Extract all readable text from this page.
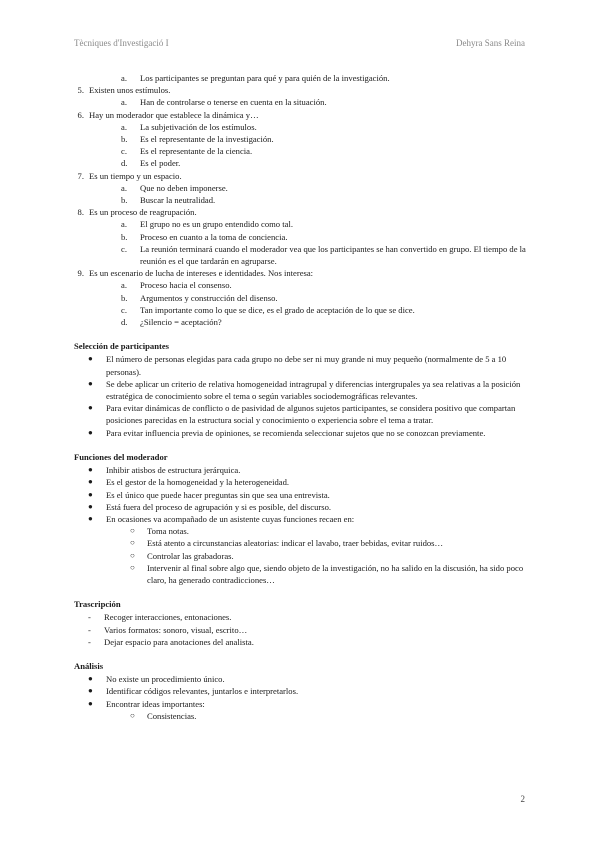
Tècniques d'Investigació I	Dehyra Sans Reina
a.	Los participantes se preguntan para qué y para quién de la investigación.
5. Existen unos estímulos.
a.	Han de controlarse o tenerse en cuenta en la situación.
6. Hay un moderador que establece la dinámica y…
a.	La subjetivación de los estímulos.
b.	Es el representante de la investigación.
c.	Es el representante de la ciencia.
d.	Es el poder.
7. Es un tiempo y un espacio.
a.	Que no deben imponerse.
b.	Buscar la neutralidad.
8. Es un proceso de reagrupación.
a.	El grupo no es un grupo entendido como tal.
b.	Proceso en cuanto a la toma de conciencia.
c.	La reunión terminará cuando el moderador vea que los participantes se han convertido en grupo. El tiempo de la reunión es el que tardarán en agruparse.
9. Es un escenario de lucha de intereses e identidades. Nos interesa:
a.	Proceso hacia el consenso.
b.	Argumentos y construcción del disenso.
c.	Tan importante como lo que se dice, es el grado de aceptación de lo que se dice.
d.	¿Silencio = aceptación?
Selección de participantes
●	El número de personas elegidas para cada grupo no debe ser ni muy grande ni muy pequeño (normalmente de 5 a 10 personas).
●	Se debe aplicar un criterio de relativa homogeneidad intragrupal y diferencias intergrupales ya sea relativas a la posición estratégica de conocimiento sobre el tema o según variables sociodemográficas relevantes.
●	Para evitar dinámicas de conflicto o de pasividad de algunos sujetos participantes, se considera positivo que compartan posiciones parecidas en la estructura social y conocimiento o experiencia sobre el tema a tratar.
●	Para evitar influencia previa de opiniones, se recomienda seleccionar sujetos que no se conozcan previamente.
Funciones del moderador
●	Inhibir atisbos de estructura jerárquica.
●	Es el gestor de la homogeneidad y la heterogeneidad.
●	Es el único que puede hacer preguntas sin que sea una entrevista.
●	Está fuera del proceso de agrupación y si es posible, del discurso.
●	En ocasiones va acompañado de un asistente cuyas funciones recaen en:
○	Toma notas.
○	Está atento a circunstancias aleatorias: indicar el lavabo, traer bebidas, evitar ruidos…
○	Controlar las grabadoras.
○	Intervenir al final sobre algo que, siendo objeto de la investigación, no ha salido en la discusión, ha sido poco claro, ha generado contradicciones…
Trascripción
-	Recoger interacciones, entonaciones.
-	Varios formatos: sonoro, visual, escrito…
-	Dejar espacio para anotaciones del analista.
Análisis
●	No existe un procedimiento único.
●	Identificar códigos relevantes, juntarlos e interpretarlos.
●	Encontrar ideas importantes:
○	Consistencias.
2
